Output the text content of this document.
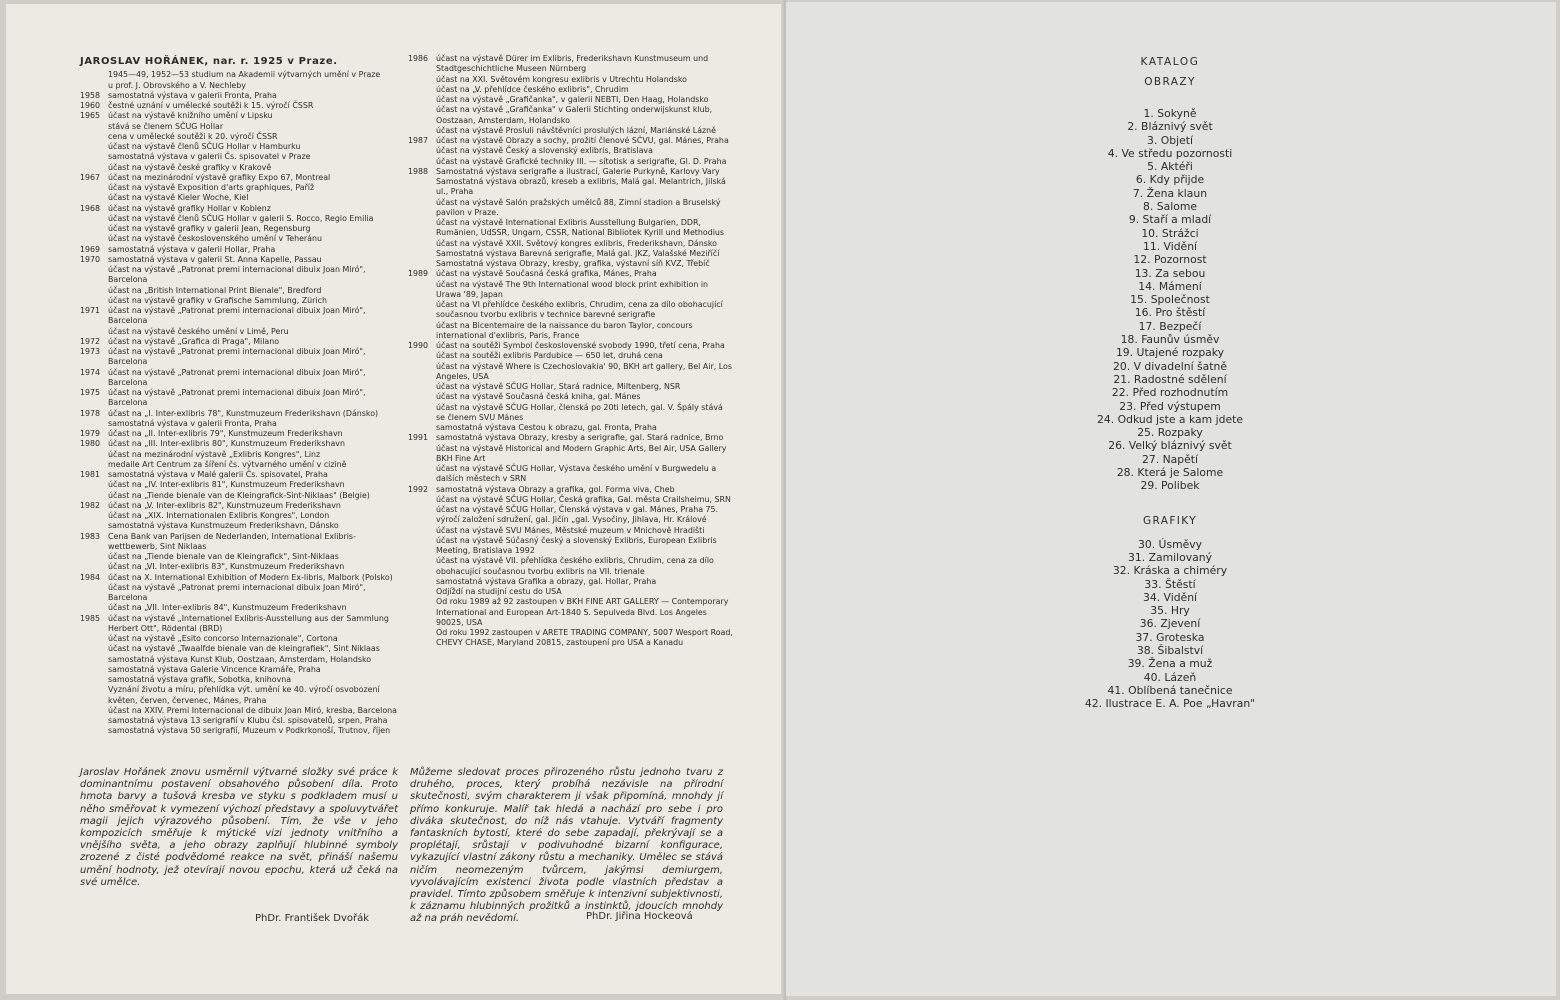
JAROSLAV HOŘÁNEK, nar. r. 1925 v Praze.
1945—49, 1952—53 studium na Akademii výtvarných umění v Praze
u prof. J. Obrovského a V. Nechleby
1958	samostatná výstava v galerii Fronta, Praha
1960	čestné uznání v umělecké soutěži k 15. výročí ČSSR
1965	účast na výstavě knižního umění v Lipsku
stává se členem SČUG Hollar
cena v umělecké soutěži k 20. výročí ČSSR
účast na výstavě členů SČUG Hollar v Hamburku
samostatná výstava v galerii Čs. spisovatel v Praze
účast na výstavě české grafiky v Krakově
1967	účast na mezinárodní výstavě grafiky Expo 67, Montreal
účast na výstavě Exposition d'arts graphiques, Paříž
účast na výstavě Kieler Woche, Kiel
1968	účast na výstavě grafiky Hollar v Koblenz
účast na výstavě členů SČUG Hollar v galerii S. Rocco, Regio Emilia
účast na výstavě grafiky v galerii Jean, Regensburg
účast na výstavě československého umění v Teheránu
1969	samostatná výstava v galerii Hollar, Praha
1970	samostatná výstava v galerii St. Anna Kapelle, Passau
účast na výstavě „Patronat premi internacional dibuix Joan Miró", Barcelona
účast na „British International Print Bienale", Bredford
účast na výstavě grafiky v Grafische Sammlung, Zürich
1971	účast na výstavě „Patronat premi internacional dibuix Joan Miró", Barcelona
účast na výstavě českého umění v Limě, Peru
1972	účast na výstavě „Grafica di Praga", Milano
1973	účast na výstavě „Patronat premi internacional dibuix Joan Miró", Barcelona
1974	účast na výstavě „Patronat premi internacional dibuix Joan Miró", Barcelona
1975	účast na výstavě „Patronat premi internacional dibuix Joan Miró", Barcelona
1978	účast na „I. Inter-exlibris 78", Kunstmuzeum Frederikshavn (Dánsko)
samostatná výstava v galerii Fronta, Praha
1979	účast na „II. Inter-exlibris 79", Kunstmuzeum Frederikshavn
1980	účast na „III. Inter-exlibris 80", Kunstmuzeum Frederikshavn
účast na mezinárodní výstavě „Exlibris Kongres", Linz
medaile Art Centrum za šíření čs. výtvarného umění v cizině
1981	samostatná výstava v Malé galerii Čs. spisovatel, Praha
účast na „IV. Inter-exlibris 81", Kunstmuzeum Frederikshavn
účast na „Tiende bienale van de Kleingrafick-Sint-Niklaas" (Belgie)
1982	účast na „V. Inter-exlibris 82", Kunstmuzeum Frederikshavn
účast na „XIX. Internationalen Exlibris Kongres", London
samostatná výstava Kunstmuzeum Frederikshavn, Dánsko
1983	Cena Bank van Parijsen de Nederlanden, International Exlibris-wettbewerb, Sint Niklaas
účast na „Tiende bienale van de Kleingrafick", Sint-Niklaas
účast na „VI. Inter-exlibris 83", Kunstmuzeum Frederikshavn
1984	účast na X. International Exhibition of Modern Ex-libris, Malbork (Polsko)
účast na výstavě „Patronat premi internacional dibuix Joan Miró", Barcelona
účast na „VII. Inter-exlibris 84", Kunstmuzeum Frederikshavn
1985	účast na výstavě „Internationel Exlibris-Ausstellung aus der Sammlung Herbert Ott", Rödental (BRD)
účast na výstavě „Esito concorso Internazionale", Cortona
účast na výstavě „Twaalfde bienale van de kleingrafiek", Sint Niklaas
samostatná výstava Kunst Klub, Oostzaan, Amsterdam, Holandsko
samostatná výstava Galerie Vincence Kramáře, Praha
samostatná výstava grafik, Sobotka, knihovna
Vyznání životu a míru, přehlídka výt. umění ke 40. výročí osvobození květen, červen, červenec, Mánes, Praha
účast na XXIV. Premi Internacional de dibuix Joan Miró, kresba, Barcelona
samostatná výstava 13 serigrafií v Klubu čsl. spisovatelů, srpen, Praha
samostatná výstava 50 serigrafií, Muzeum v Podkrkonoší, Trutnov, říjen
1986	účast na výstavě Dürer im Exlibris, Frederikshavn Kunstmuseum und Stadtgeschichtliche Museen Nürnberg
účast na XXI. Světovém kongresu exlibris v Utrechtu Holandsko
účast na „V. přehlídce českého exlibris", Chrudim
účast na výstavě „Grafičanka", v galerii NEBTI, Den Haag, Holandsko
účast na výstavě „Grafičanka" v Galerii Stichting onderwijskunst klub, Oostzaan, Amsterdam, Holandsko
účast na výstavě Prosluli návštěvníci proslulých lázní, Mariánské Lázně
1987	účast na výstavě Obrazy a sochy, prožití členové SČVU, gal. Mánes, Praha
účast na výstavě Český a slovenský exlibris, Bratislava
účast na výstavě Grafické techniky III. — sítotisk a serigrafie, Gl. D. Praha
1988	Samostatná výstava serigrafie a ilustrací, Galerie Purkyně, Karlovy Vary
Samostatná výstava obrazů, kreseb a exlibris, Malá gal. Melantrich, Jilská ul., Praha
účast na výstavě Salón pražských umělců 88, Zimní stadion a Bruselský pavilon v Praze.
účast na výstavě International Exlibris Ausstellung Bulgarien, DDR, Rumänien, UdSSR, Ungarn, CSSR, National Bibliotek Kyrill und Methodius
účast na výstavě XXII. Světový kongres exlibris, Frederikshavn, Dánsko
Samostatná výstava Barevná serigrafie, Malá gal. JKZ, Valašské Meziříčí
Samostatná výstava Obrazy, kresby, grafika, výstavní síň KVZ, Třebíč
1989	účast na výstavě Současná česká grafika, Mánes, Praha
účast na výstavě The 9th International wood block print exhibition in Urawa '89, Japan
účast na VI přehlídce českého exlibris, Chrudim, cena za dílo obohacující současnou tvorbu exlibris v technice barevné serigrafie
účast na Bicentemaire de la naissance du baron Taylor, concours international d'exlibris, Paris, France
1990	účast na soutěži Symbol československé svobody 1990, třetí cena, Praha
účast na soutěži exlibris Pardubice — 650 let, druhá cena
účast na výstavě Where is Czechoslovakia' 90, BKH art gallery, Bel Air, Los Angeles, USA
účast na výstavě SČUG Hollar, Stará radnice, Miltenberg, NSR
účast na výstavě Současná česká kniha, gal. Mánes
účast na výstavě SČUG Hollar, členská po 20ti letech, gal. V. Špály stává se členem SVU Mánes
samostatná výstava Cestou k obrazu, gal. Fronta, Praha
1991	samostatná výstava Obrazy, kresby a serigrafie, gal. Stará radnice, Brno
účast na výstavě Historical and Modern Graphic Arts, Bel Air, USA Gallery BKH Fine Art
účast na výstavě SČUG Hollar, Výstava českého umění v Burgwedelu a dalších městech v SRN
1992	samostatná výstava Obrazy a grafika, gol. Forma viva, Cheb
účast na výstavě SČUG Hollar, Česká grafika, Gal. města Crailsheimu, SRN
účast na výstavě SČUG Hollar, Členská výstava v gal. Mánes, Praha 75. výročí založení sdružení, gal. Jičín „gal. Vysočiny, Jihlava, Hr. Králové
účast na výstavě SVU Mánes, Městské muzeum v Mnichově Hradišti
účast na výstavě Súčasný český a slovenský Exlibris, European Exlibris Meeting, Bratislava 1992
účast na výstavě VII. přehlídka českého exlibris, Chrudim, cena za dílo obohacující současnou tvorbu exlibris na VII. trienale
samostatná výstava Grafika a obrazy, gal. Hollar, Praha
Odjíždí na studijní cestu do USA
Od roku 1989 až 92 zastoupen v BKH FINE ART GALLERY — Contemporary International and European Art-1840 S. Sepulveda Blvd. Los Angeles 90025, USA
Od roku 1992 zastoupen v ARETE TRADING COMPANY, 5007 Wesport Road, CHEVY CHASE, Maryland 20815, zastoupení pro USA a Kanadu
Jaroslav Hořánek znovu usměrnil výtvarné složky své práce k dominantnímu postavení obsahového působení díla. Proto hmota barvy a tušová kresba ve styku s podkladem musí u něho směřovat k vymezení výchozí představy a spoluvytvářet magii jejich výrazového působení. Tím, že vše v jeho kompozicích směřuje k mýtické vizi jednoty vnitřního a vnějšího světa, a jeho obrazy zaplňují hlubinné symboly zrozené z čisté podvědomé reakce na svět, přináší našemu umění hodnoty, jež otevírají novou epochu, která už čeká na své umělce.
PhDr. František Dvořák
Můžeme sledovat proces přirozeného růstu jednoho tvaru z druhého, proces, který probíhá nezávisle na přírodní skutečnosti, svým charakterem ji však připomíná, mnohdy jí přímo konkuruje. Malíř tak hledá a nachází pro sebe i pro diváka skutečnost, do níž nás vtahuje. Vytváří fragmenty fantaskních bytostí, které do sebe zapadají, překrývají se a proplétají, srůstají v podivuhodné bizarní konfigurace, vykazující vlastní zákony růstu a mechaniky. Umělec se stává ničím neomezeným tvůrcem, jakýmsi demiurgem, vyvolávajícím existenci života podle vlastních představ a pravidel. Tímto způsobem směřuje k intenzivní subjektivnosti, k záznamu hlubinných prožitků a instinktů, jdoucích mnohdy až na práh nevědomí.	PhDr. Jiřina Hockeová
KATALOG
OBRAZY
1. Sokyně
2. Bláznivý svět
3. Objetí
4. Ve středu pozornosti
5. Aktéři
6. Kdy přijde
7. Žena klaun
8. Salome
9. Staří a mladí
10. Strážci
11. Vidění
12. Pozornost
13. Za sebou
14. Mámení
15. Společnost
16. Pro štěstí
17. Bezpečí
18. Faunův úsměv
19. Utajené rozpaky
20. V divadelní šatně
21. Radostné sdělení
22. Před rozhodnutím
23. Před výstupem
24. Odkud jste a kam jdete
25. Rozpaky
26. Velký bláznivý svět
27. Napětí
28. Která je Salome
29. Polibek
GRAFIKY
30. Úsměvy
31. Zamilovaný
32. Kráska a chiméry
33. Štěstí
34. Vidění
35. Hry
36. Zjevení
37. Groteska
38. Šibalství
39. Žena a muž
40. Lázeň
41. Oblíbená tanečnice
42. Ilustrace E. A. Poe „Havran"
